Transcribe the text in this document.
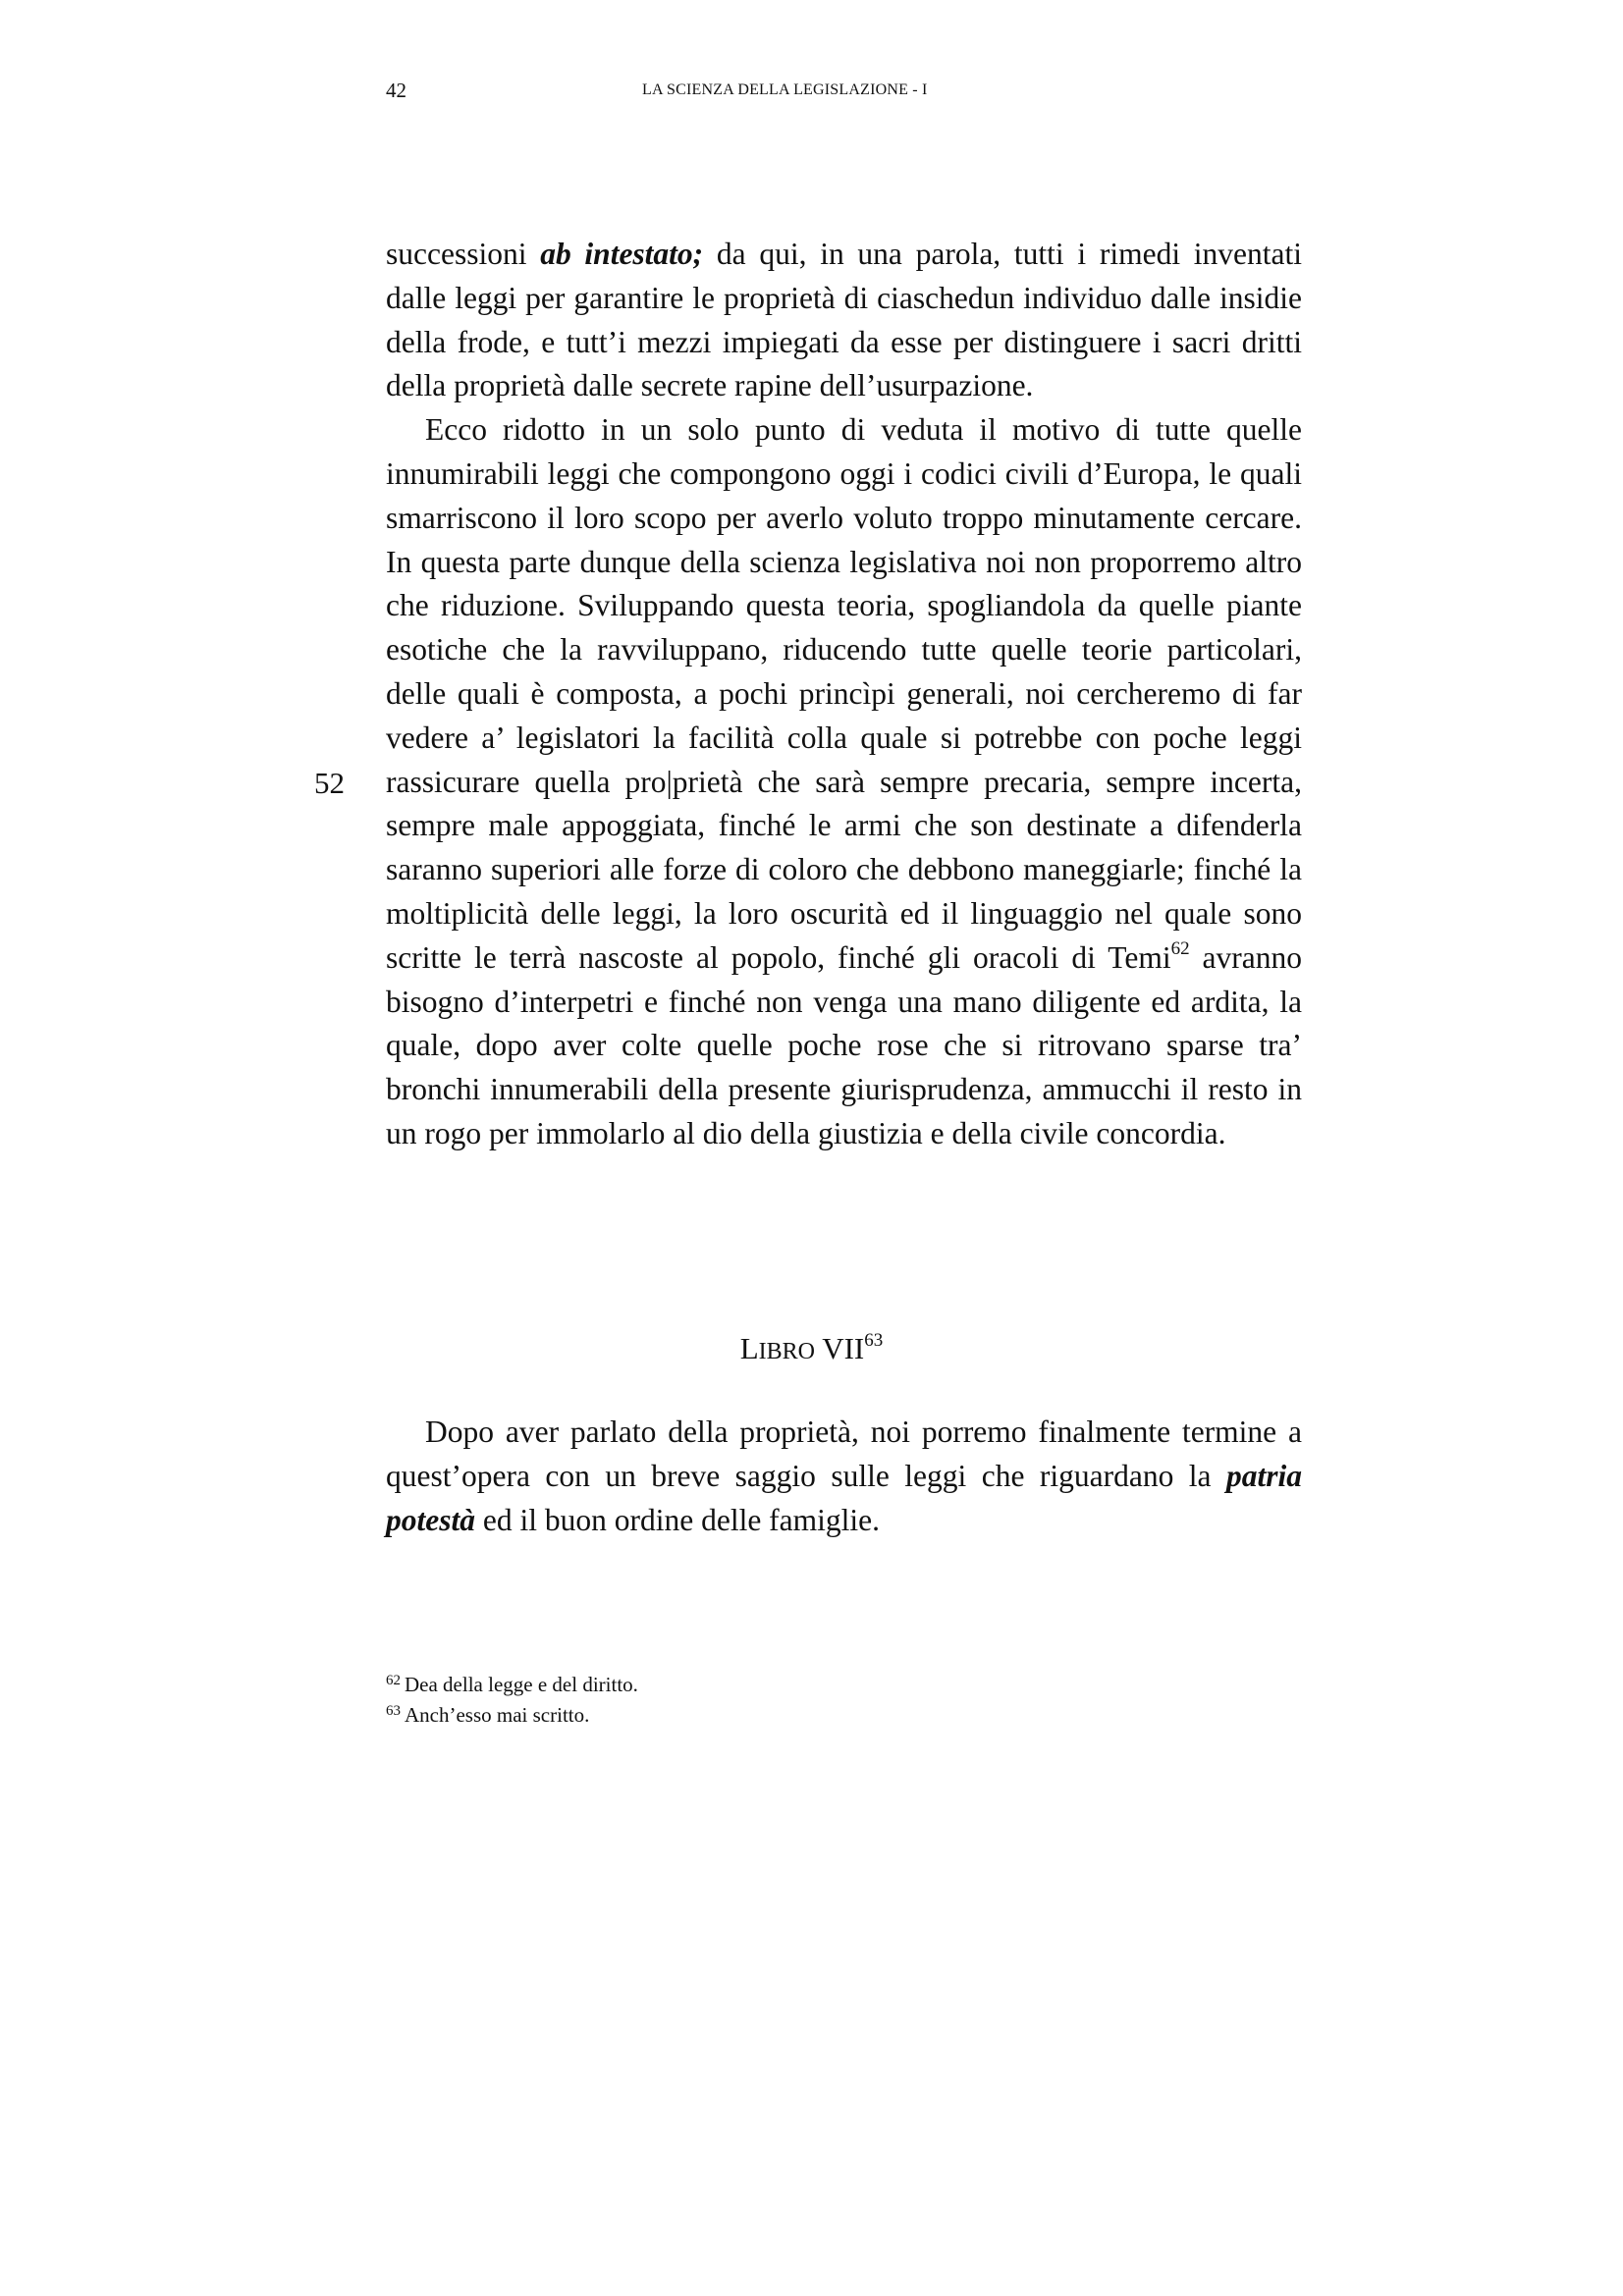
42	LA SCIENZA DELLA LEGISLAZIONE - I
52

successioni ab intestato; da qui, in una parola, tutti i rimedi inventati dalle leggi per garantire le proprietà di ciaschedun individuo dalle insidie della frode, e tutt’i mezzi impiegati da esse per distinguere i sacri dritti della proprietà dalle secrete rapine dell’usurpazione.

Ecco ridotto in un solo punto di veduta il motivo di tutte quelle innumirabili leggi che compongono oggi i codici civili d’Europa, le quali smarriscono il loro scopo per averlo voluto troppo minutamente cercare. In questa parte dunque della scienza legislativa noi non proporremo altro che riduzione. Sviluppando questa teoria, spogliandola da quelle piante esotiche che la ravviluppano, riducendo tutte quelle teorie particolari, delle quali è composta, a pochi princìpi generali, noi cercheremo di far vedere a’ legislatori la facilità colla quale si potrebbe con poche leggi rassicurare quella pro|prietà che sarà sempre precaria, sempre incerta, sempre male appoggiata, finché le armi che son destinate a difenderla saranno superiori alle forze di coloro che debbono maneggiarle; finché la moltiplicità delle leggi, la loro oscurità ed il linguaggio nel quale sono scritte le terrà nascoste al popolo, finché gli oracoli di Temi$^{62}$ avranno bisogno d’interpetri e finché non venga una mano diligente ed ardita, la quale, dopo aver colte quelle poche rose che si ritrovano sparse tra’ bronchi innumerabili della presente giurisprudenza, ammucchi il resto in un rogo per immolarlo al dio della giustizia e della civile concordia.

LIBRO VII$^{63}$

Dopo aver parlato della proprietà, noi porremo finalmente termine a quest’opera con un breve saggio sulle leggi che riguardano la patria potestà ed il buon ordine delle famiglie.

$^{62}$ Dea della legge e del diritto.

$^{63}$ Anch’esso mai scritto.
